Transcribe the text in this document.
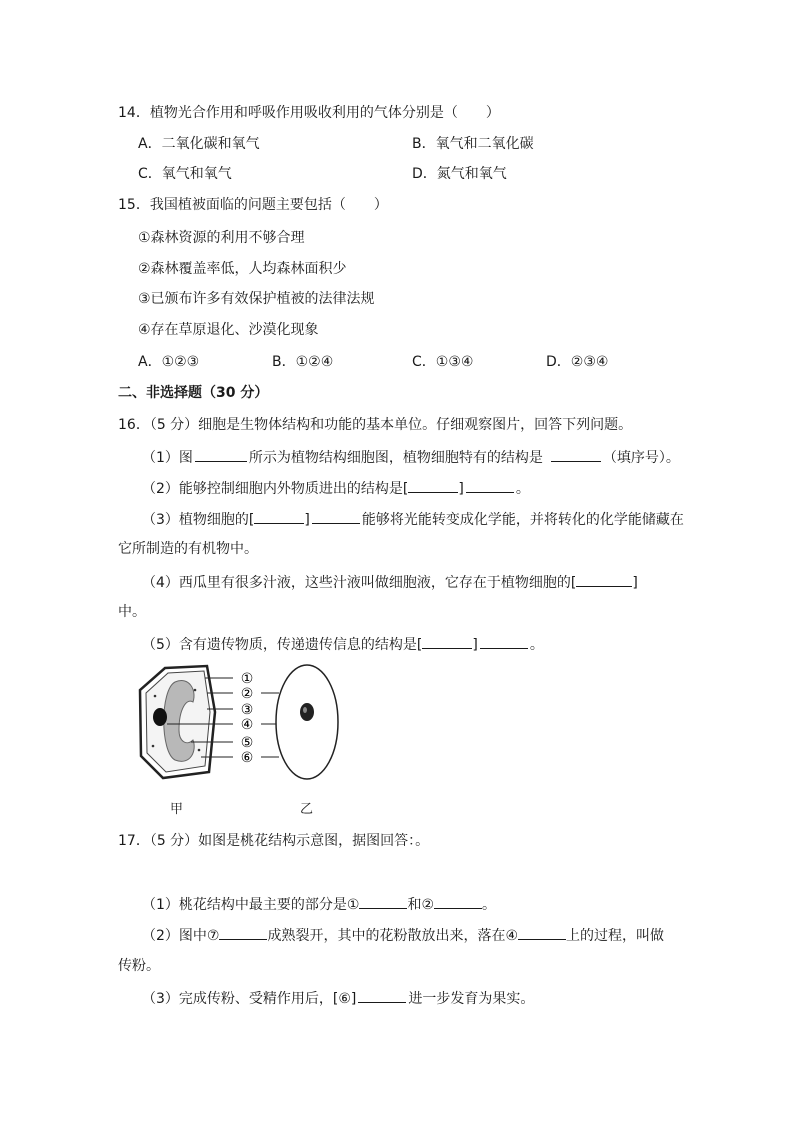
14．植物光合作用和呼吸作用吸收利用的气体分别是（　　）
A．二氧化碳和氧气	B．氧气和二氧化碳
C．氧气和氧气	D．氮气和氧气
15．我国植被面临的问题主要包括（　　）
①森林资源的利用不够合理
②森林覆盖率低，人均森林面积少
③已颁布许多有效保护植被的法律法规
④存在草原退化、沙漠化现象
A．①②③	B．①②④	C．①③④	D．②③④
二、非选择题（30 分）
16．（5 分）细胞是生物体结构和功能的基本单位。仔细观察图片，回答下列问题。
（1）图	所示为植物结构细胞图，植物细胞特有的结构是	（填序号）。
（2）能够控制细胞内外物质进出的结构是[	]	。
（3）植物细胞的[	]	能够将光能转变成化学能，并将转化的化学能储藏在
它所制造的有机物中。
（4）西瓜里有很多汁液，这些汁液叫做细胞液，它存在于植物细胞的[	]
中。
（5）含有遗传物质，传递遗传信息的结构是[	]	。
①
②
③
④
⑤
⑥
甲	乙
17．（5 分）如图是桃花结构示意图，据图回答：。
（1）桃花结构中最主要的部分是①	和②	。
（2）图中⑦	成熟裂开，其中的花粉散放出来，落在④	上的过程，叫做
传粉。
（3）完成传粉、受精作用后，[⑥]	进一步发育为果实。
